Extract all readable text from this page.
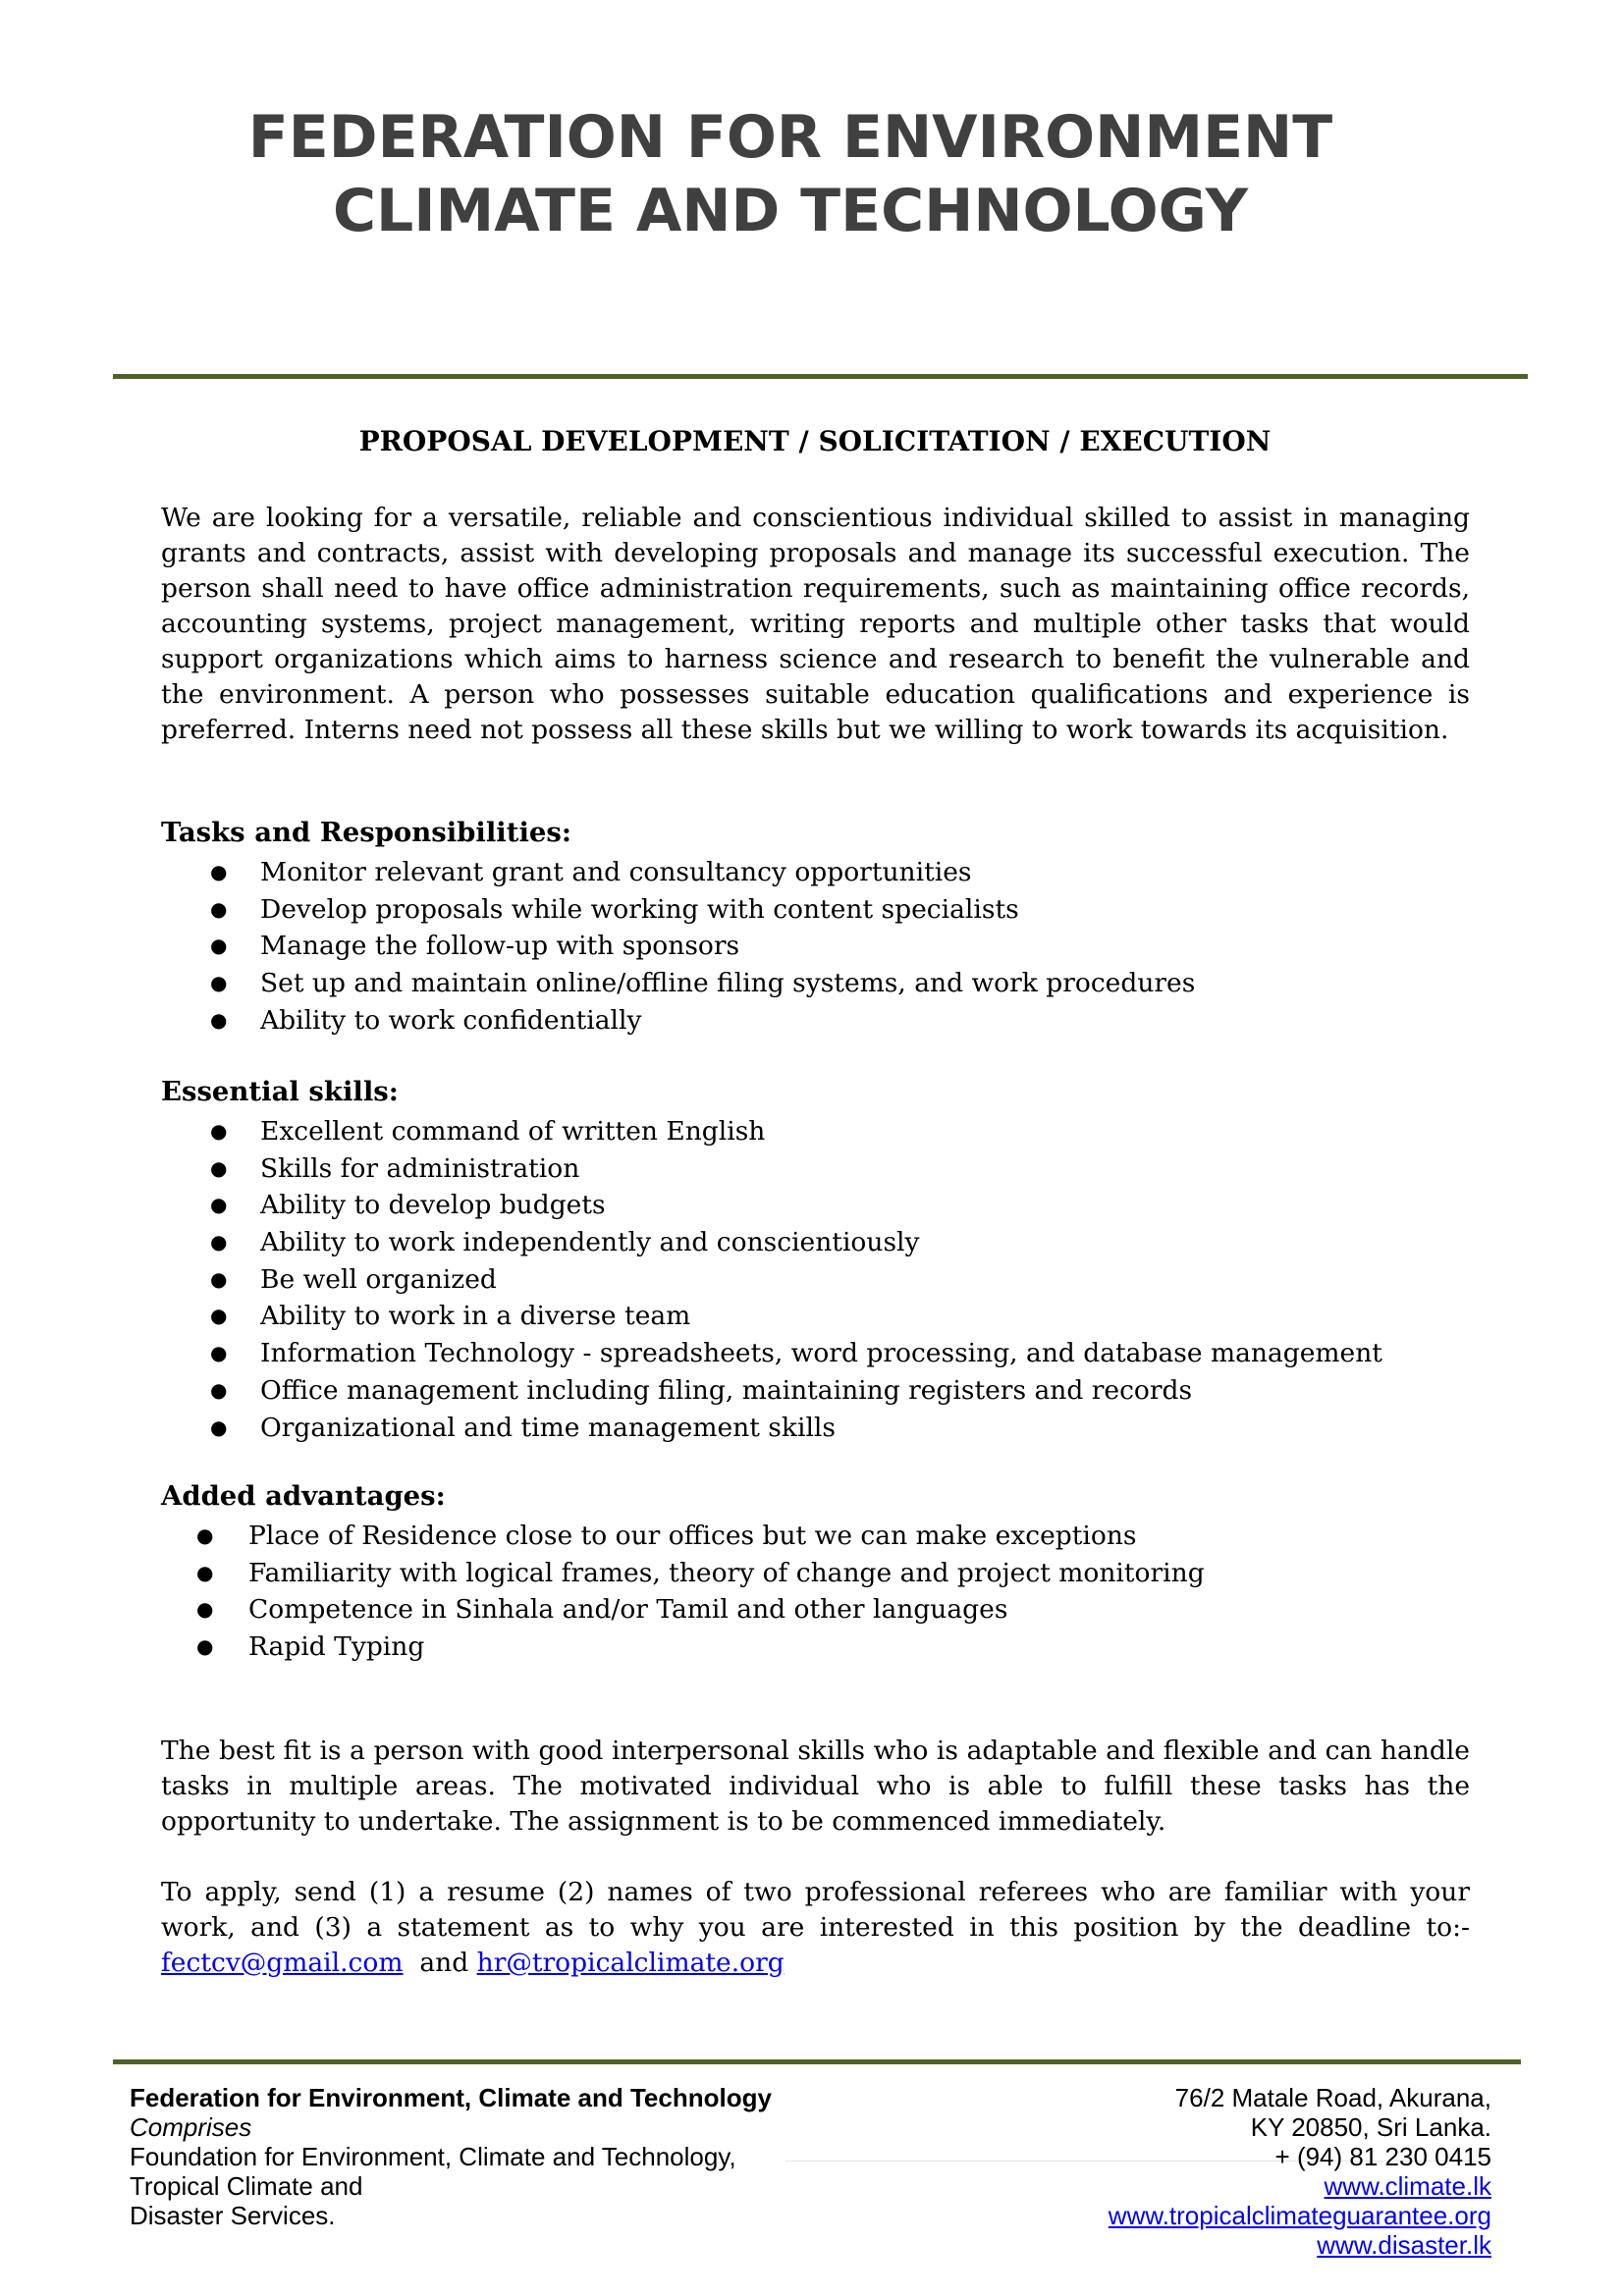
FEDERATION FOR ENVIRONMENT
CLIMATE AND TECHNOLOGY
PROPOSAL DEVELOPMENT / SOLICITATION / EXECUTION

We are looking for a versatile, reliable and conscientious individual skilled to assist in managing grants and contracts, assist with developing proposals and manage its successful execution. The person shall need to have office administration requirements, such as maintaining office records, accounting systems, project management, writing reports and multiple other tasks that would support organizations which aims to harness science and research to benefit the vulnerable and the environment. A person who possesses suitable education qualifications and experience is preferred. Interns need not possess all these skills but we willing to work towards its acquisition.

Tasks and Responsibilities:
● Monitor relevant grant and consultancy opportunities
● Develop proposals while working with content specialists
● Manage the follow-up with sponsors
● Set up and maintain online/offline filing systems, and work procedures
● Ability to work confidentially
Essential skills:
● Excellent command of written English
● Skills for administration
● Ability to develop budgets
● Ability to work independently and conscientiously
● Be well organized
● Ability to work in a diverse team
● Information Technology - spreadsheets, word processing, and database management
● Office management including filing, maintaining registers and records
● Organizational and time management skills
Added advantages:
● Place of Residence close to our offices but we can make exceptions
● Familiarity with logical frames, theory of change and project monitoring
● Competence in Sinhala and/or Tamil and other languages
● Rapid Typing

The best fit is a person with good interpersonal skills who is adaptable and flexible and can handle tasks in multiple areas. The motivated individual who is able to fulfill these tasks has the opportunity to undertake. The assignment is to be commenced immediately.

To apply, send (1) a resume (2) names of two professional referees who are familiar with your work, and (3) a statement as to why you are interested in this position by the deadline to:- fectcv@gmail.com and hr@tropicalclimate.org

Federation for Environment, Climate and Technology
Comprises
Foundation for Environment, Climate and Technology,
Tropical Climate and
Disaster Services.
76/2 Matale Road, Akurana,
KY 20850, Sri Lanka.
+ (94) 81 230 0415
www.climate.lk
www.tropicalclimateguarantee.org
www.disaster.lk
